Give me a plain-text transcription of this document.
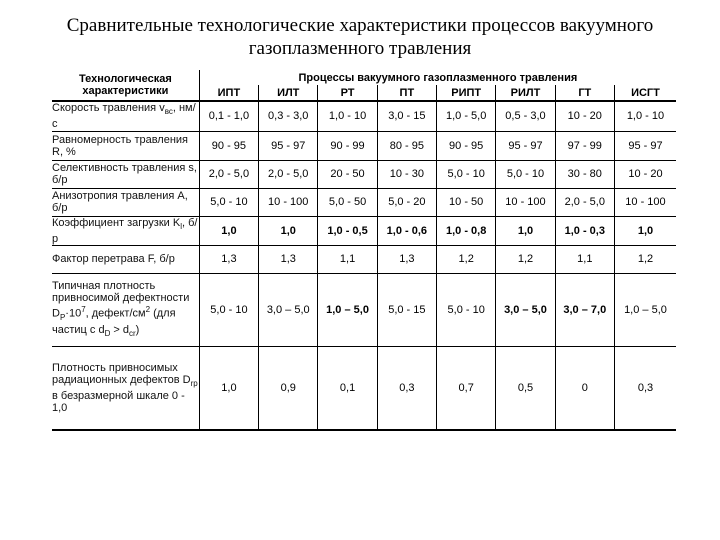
Сравнительные технологические характеристики процессов вакуумного
газоплазменного травления
Технологическая характеристики	Процессы вакуумного газоплазменного травления							
	ИПТ	ИЛТ	РТ	ПТ	РИПТ	РИЛТ	ГТ	ИСГТ
Скорость травления $v_{вс}$, нм/с	0,1 - 1,0	0,3 - 3,0	1,0 - 10	3,0 - 15	1,0 - 5,0	0,5 - 3,0	10 - 20	1,0 - 10
Равномерность травления R, %	90 - 95	95 - 97	90 - 99	80 - 95	90 - 95	95 - 97	97 - 99	95 - 97
Селективность травления s, б/р	2,0 - 5,0	2,0 - 5,0	20 - 50	10 - 30	5,0 - 10	5,0 - 10	30 - 80	10 - 20
Анизотропия травления A, б/р	5,0 - 10	10 - 100	5,0 - 50	5,0 - 20	10 - 50	10 - 100	2,0 - 5,0	10 - 100
Коэффициент загрузки $K_l$, б/р	1,0	1,0	1,0 - 0,5	1,0 - 0,6	1,0 - 0,8	1,0	1,0 - 0,3	1,0
Фактор перетрава F, б/р	1,3	1,3	1,1	1,3	1,2	1,2	1,1	1,2
Типичная плотность привносимой дефектности $D_P\cdot 10^7$, дефект/$см^2$ (для частиц с $d_D > d_{cr}$)	5,0 - 10	3,0 – 5,0	1,0 – 5,0	5,0 - 15	5,0 - 10	3,0 – 5,0	3,0 – 7,0	1,0 – 5,0
Плотность привносимых радиационных дефектов $D_{rp}$ в безразмерной шкале 0 - 1,0	1,0	0,9	0,1	0,3	0,7	0,5	0	0,3
